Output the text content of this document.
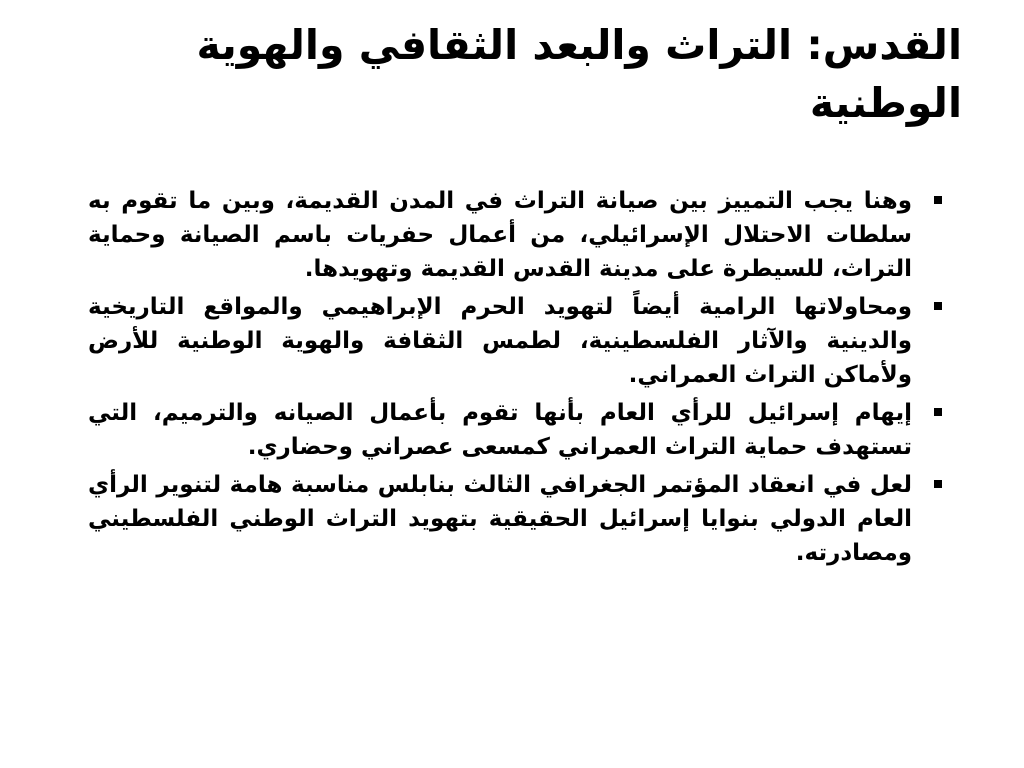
القدس: التراث والبعد الثقافي والهوية الوطنية
وهنا يجب التمييز بين صيانة التراث في المدن القديمة، وبين ما تقوم به سلطات الاحتلال الإسرائيلي، من أعمال حفريات باسم الصيانة وحماية التراث، للسيطرة على مدينة القدس القديمة وتهويدها.
ومحاولاتها الرامية أيضاً لتهويد الحرم الإبراهيمي والمواقع التاريخية والدينية والآثار الفلسطينية، لطمس الثقافة والهوية الوطنية للأرض ولأماكن التراث العمراني.
إيهام إسرائيل للرأي العام بأنها تقوم بأعمال الصيانه والترميم، التي تستهدف حماية التراث العمراني كمسعى عصراني وحضاري.
لعل في انعقاد المؤتمر الجغرافي الثالث بنابلس مناسبة هامة لتنوير الرأي العام الدولي بنوايا إسرائيل الحقيقية بتهويد التراث الوطني الفلسطيني ومصادرته.
